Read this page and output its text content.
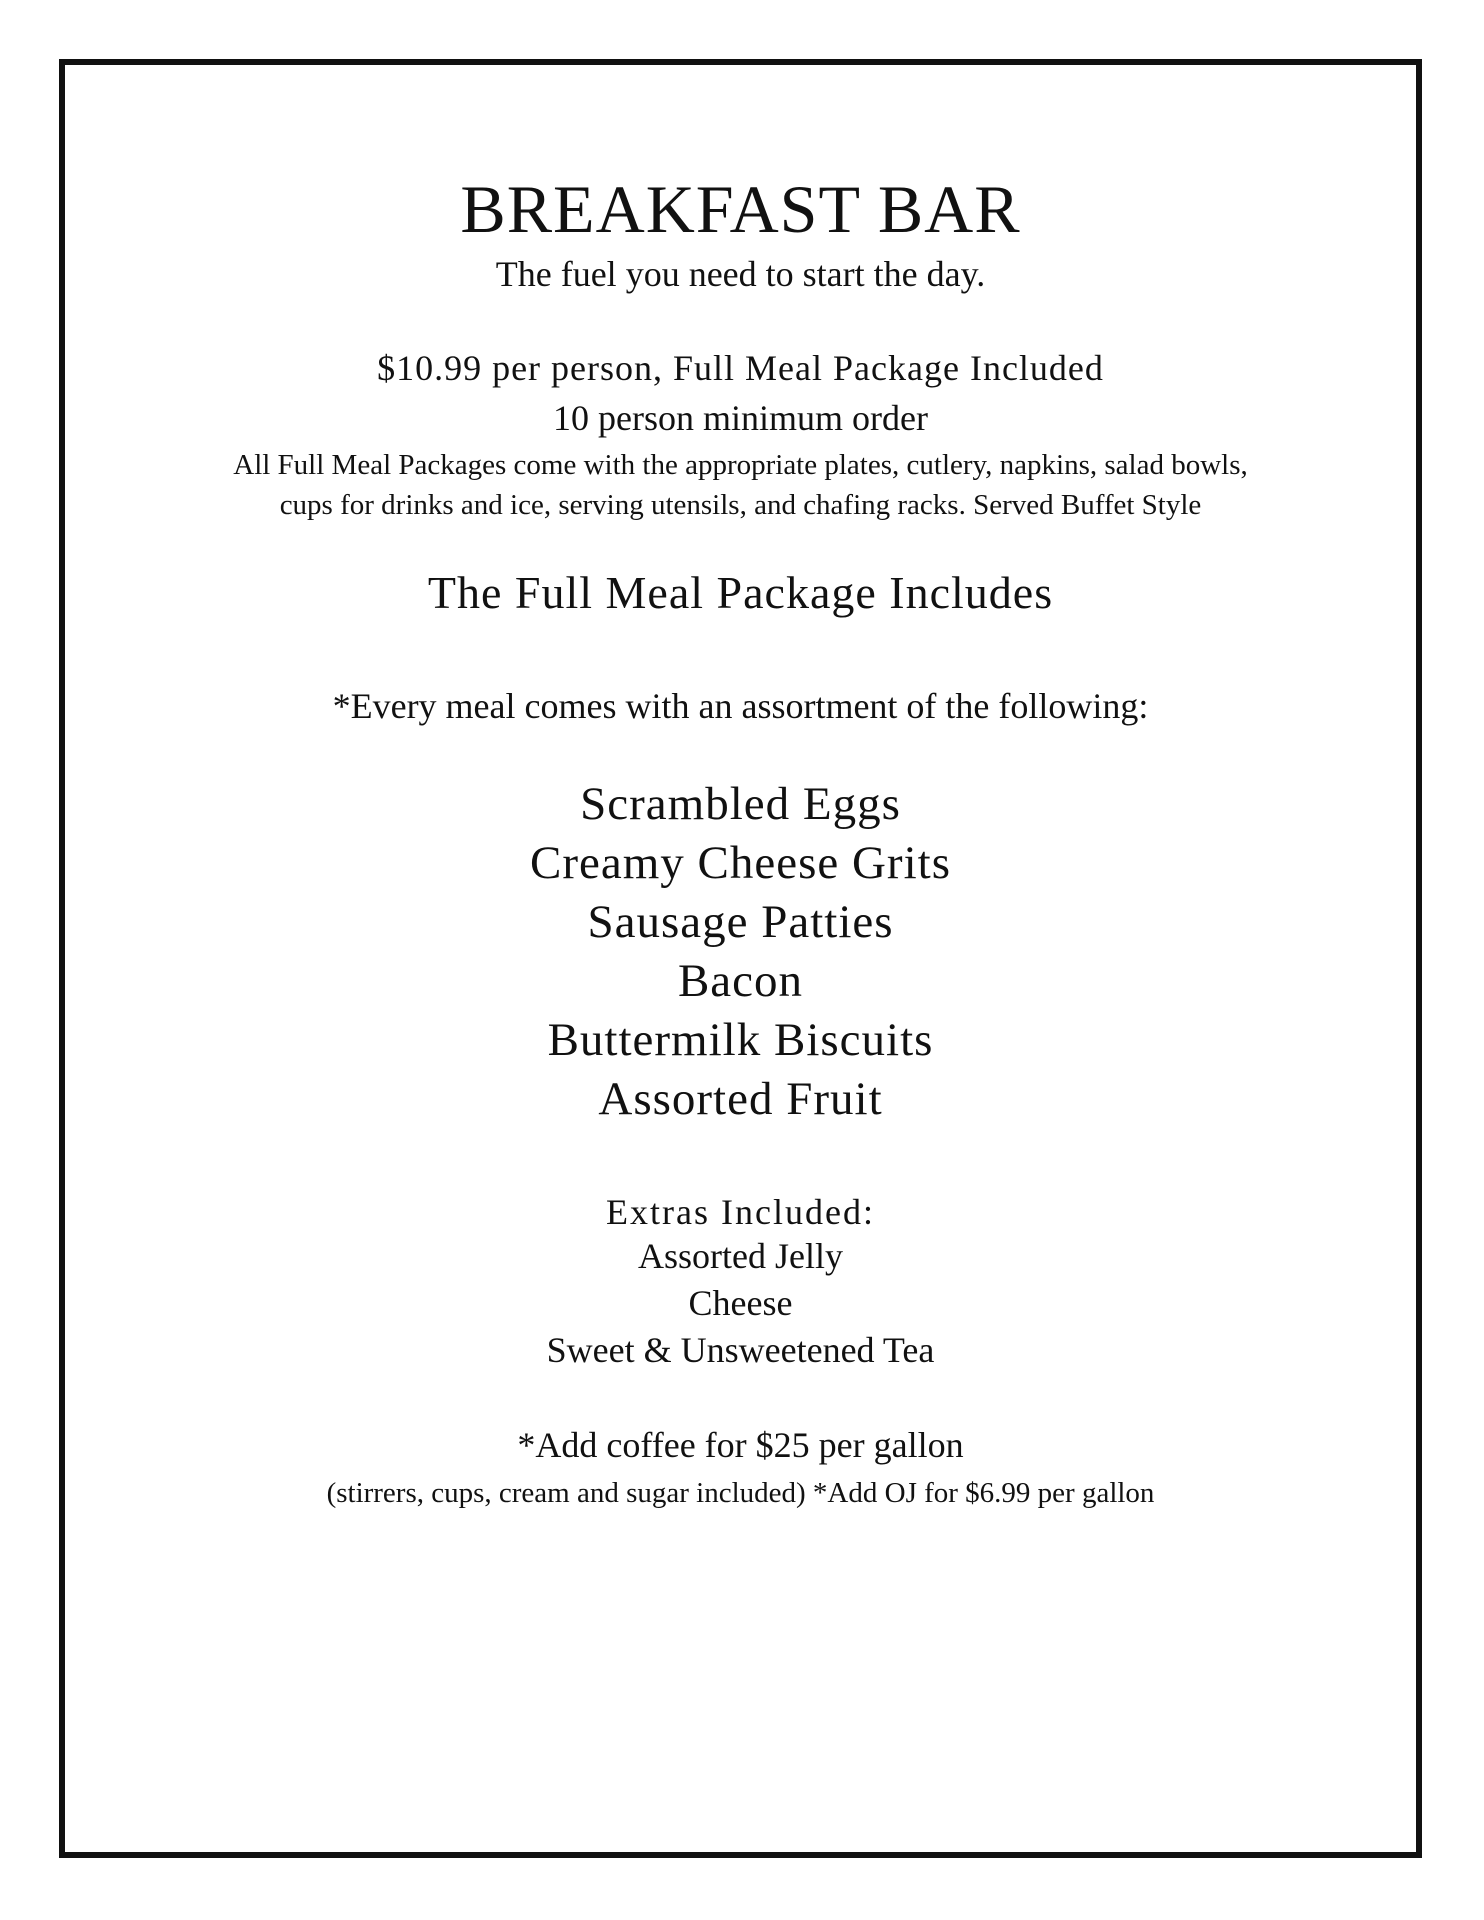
BREAKFAST BAR
The fuel you need to start the day.
$10.99 per person, Full Meal Package Included
10 person minimum order
All Full Meal Packages come with the appropriate plates, cutlery, napkins, salad bowls,
cups for drinks and ice, serving utensils, and chafing racks. Served Buffet Style
The Full Meal Package Includes
*Every meal comes with an assortment of the following:
Scrambled Eggs
Creamy Cheese Grits
Sausage Patties
Bacon
Buttermilk Biscuits
Assorted Fruit
Extras Included:
Assorted Jelly
Cheese
Sweet & Unsweetened Tea
*Add coffee for $25 per gallon
(stirrers, cups, cream and sugar included) *Add OJ for $6.99 per gallon
